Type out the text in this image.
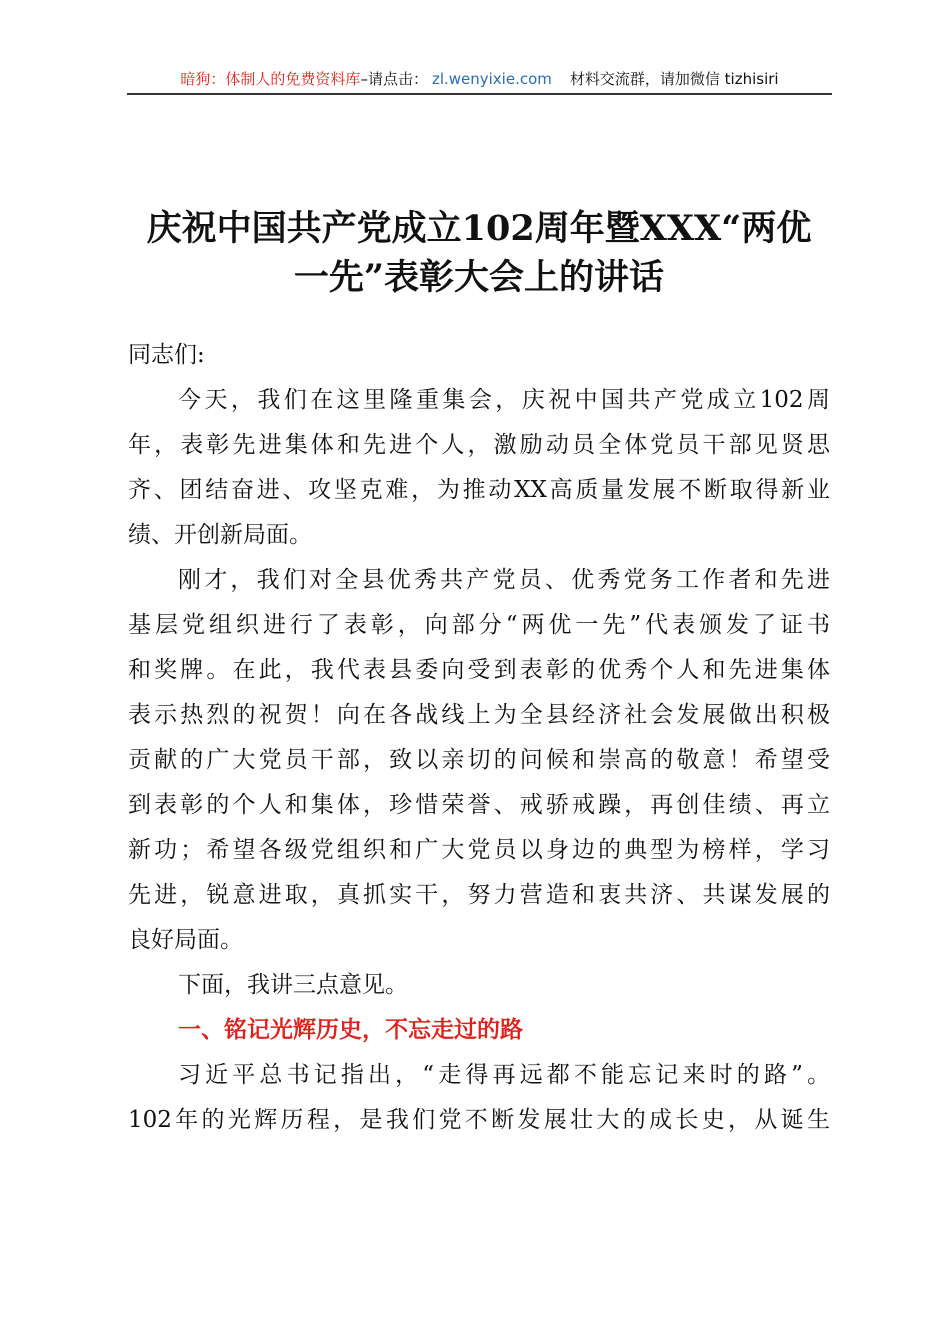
暗狗：体制人的免费资料库–请点击： zl.wenyixie.com 材料交流群，请加微信 tizhisiri
庆祝中国共产党成立102周年暨XXX“两优
一先”表彰大会上的讲话
同志们:
今天，我们在这里隆重集会，庆祝中国共产党成立102周
年，表彰先进集体和先进个人，激励动员全体党员干部见贤思
齐、团结奋进、攻坚克难，为推动XX高质量发展不断取得新业
绩、开创新局面。
刚才，我们对全县优秀共产党员、优秀党务工作者和先进
基层党组织进行了表彰，向部分“两优一先”代表颁发了证书
和奖牌。在此，我代表县委向受到表彰的优秀个人和先进集体
表示热烈的祝贺！向在各战线上为全县经济社会发展做出积极
贡献的广大党员干部，致以亲切的问候和崇高的敬意！希望受
到表彰的个人和集体，珍惜荣誉、戒骄戒躁，再创佳绩、再立
新功；希望各级党组织和广大党员以身边的典型为榜样，学习
先进，锐意进取，真抓实干，努力营造和衷共济、共谋发展的
良好局面。
下面，我讲三点意见。
一、铭记光辉历史，不忘走过的路
习近平总书记指出，“走得再远都不能忘记来时的路”。
102年的光辉历程，是我们党不断发展壮大的成长史，从诞生
